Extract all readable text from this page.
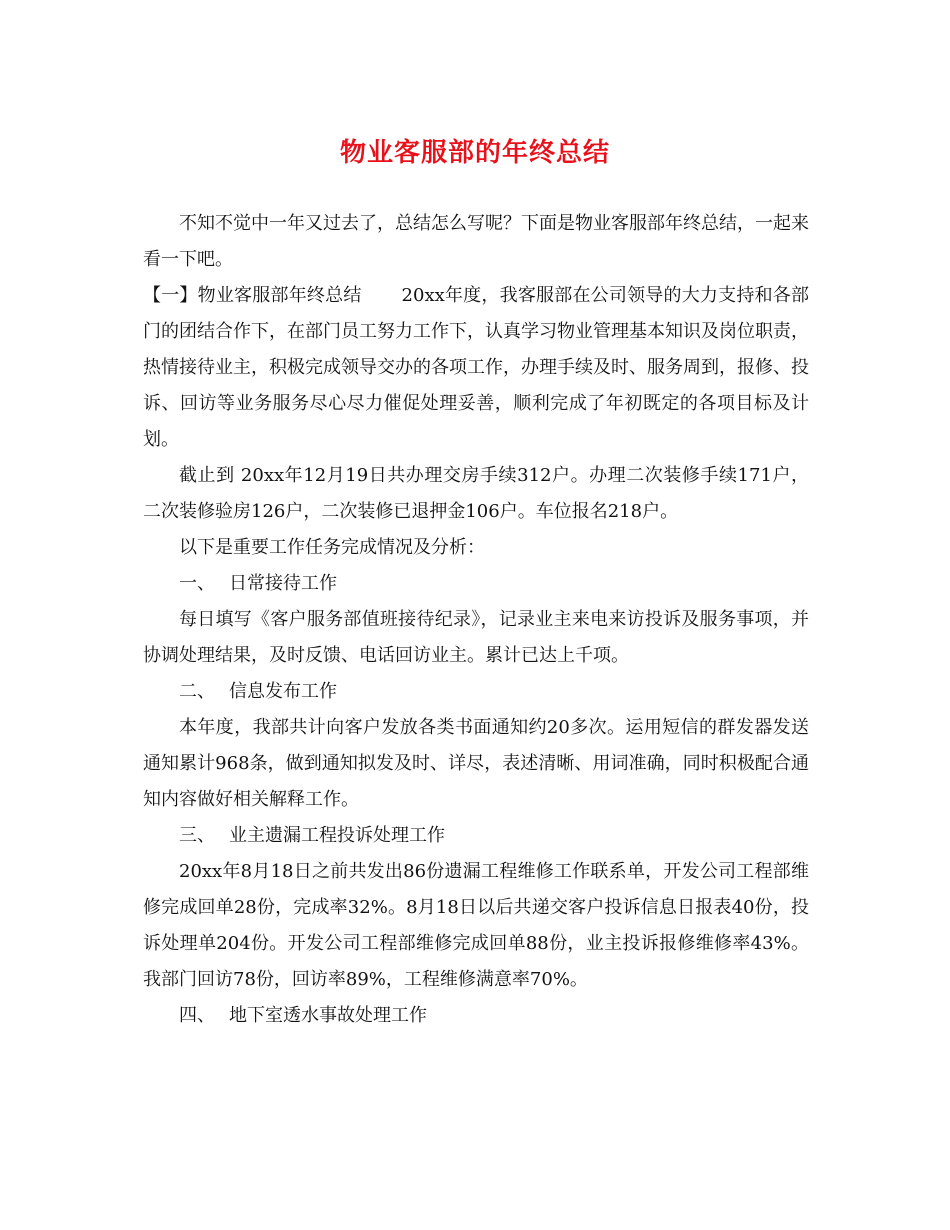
物业客服部的年终总结

不知不觉中一年又过去了，总结怎么写呢？下面是物业客服部年终总结，一起来看一下吧。

【一】物业客服部年终总结 20xx年度，我客服部在公司领导的大力支持和各部门的团结合作下，在部门员工努力工作下，认真学习物业管理基本知识及岗位职责，热情接待业主，积极完成领导交办的各项工作，办理手续及时、服务周到，报修、投诉、回访等业务服务尽心尽力催促处理妥善，顺利完成了年初既定的各项目标及计划。

截止到 20xx年12月19日共办理交房手续312户。办理二次装修手续171户，二次装修验房126户，二次装修已退押金106户。车位报名218户。

以下是重要工作任务完成情况及分析：

一、 日常接待工作

每日填写《客户服务部值班接待纪录》，记录业主来电来访投诉及服务事项，并协调处理结果，及时反馈、电话回访业主。累计已达上千项。

二、 信息发布工作

本年度，我部共计向客户发放各类书面通知约20多次。运用短信的群发器发送通知累计968条，做到通知拟发及时、详尽，表述清晰、用词准确，同时积极配合通知内容做好相关解释工作。

三、 业主遗漏工程投诉处理工作

20xx年8月18日之前共发出86份遗漏工程维修工作联系单，开发公司工程部维修完成回单28份，完成率32%。8月18日以后共递交客户投诉信息日报表40份，投诉处理单204份。开发公司工程部维修完成回单88份，业主投诉报修维修率43%。我部门回访78份，回访率89%，工程维修满意率70%。

四、 地下室透水事故处理工作
